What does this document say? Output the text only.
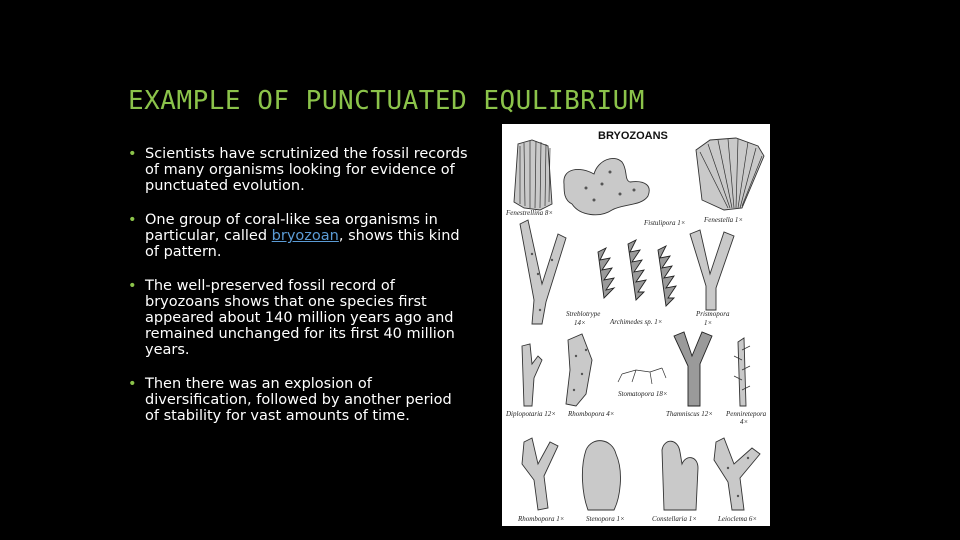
EXAMPLE OF PUNCTUATED EQULIBRIUM
• Scientists have scrutinized the fossil records of many organisms looking for evidence of punctuated evolution.
• One group of coral-like sea organisms in particular, called bryozoan, shows this kind of pattern.
• The well-preserved fossil record of bryozoans shows that one species first appeared about 140 million years ago and remained unchanged for its first 40 million years.
• Then there was an explosion of diversification, followed by another period of stability for vast amounts of time.
BRYOZOANS
Fenestrellina 8×
Fistulipora 1×	Fenestella 1×
Streblotrype
14×	Archimedes sp. 1×
Prismopora
1×
Diplopotaria 12× Rhombopora 4×
Stomatopora 18×
Thamniscus 12× Penniretepora
4×
Rhombopora 1×	Stenopora 1×	Constellaria 1×	Leioclema 6×
